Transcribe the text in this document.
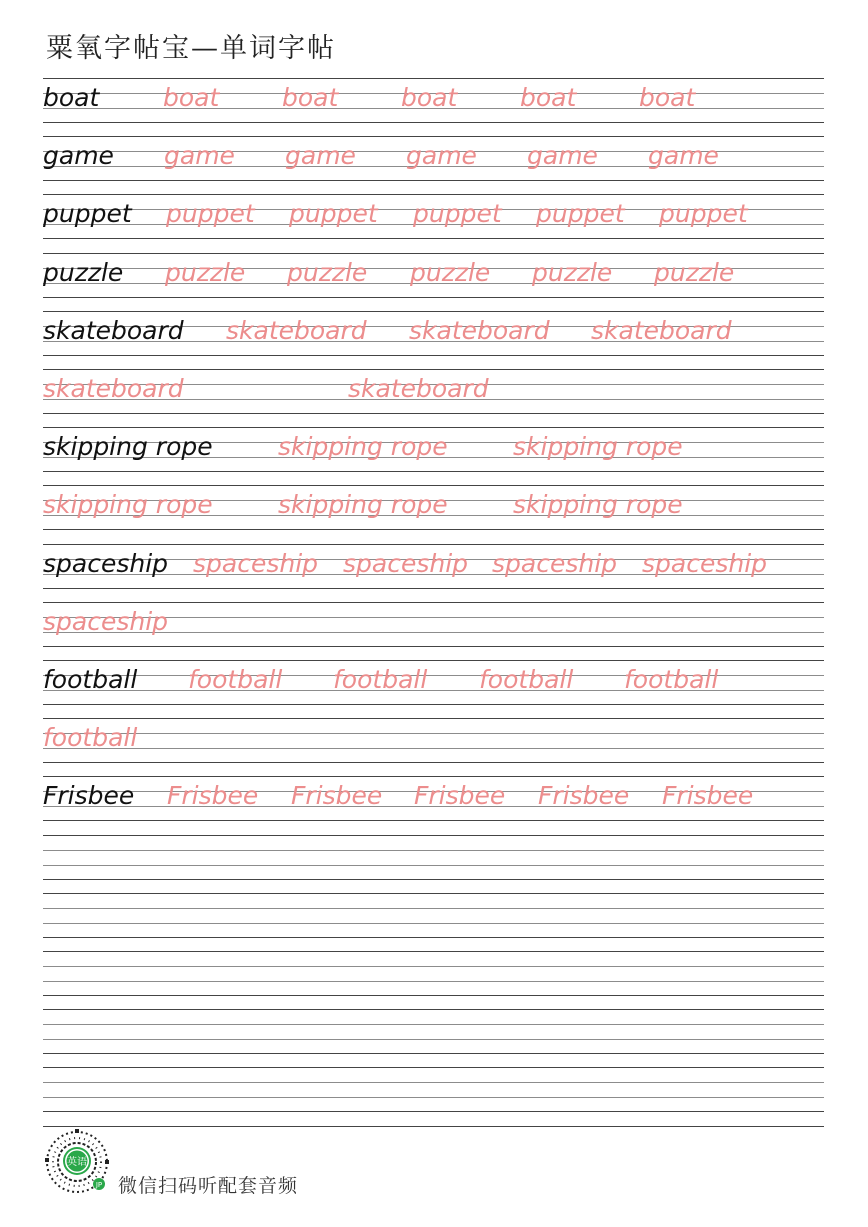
粟氧字帖宝—单词字帖
boat	boat	boat	boat	boat	boat
game game game game game game
puppet puppet puppet puppet puppet puppet
puzzle puzzle puzzle puzzle puzzle puzzle
skateboard skateboard skateboard skateboard
skateboard	skateboard
skipping rope	skipping rope	skipping rope
skipping rope	skipping rope	skipping rope
spaceship spaceship spaceship spaceship spaceship
spaceship
football football football football football
football
Frisbee Frisbee Frisbee Frisbee Frisbee Frisbee
英语
JP 微信扫码听配套音频
